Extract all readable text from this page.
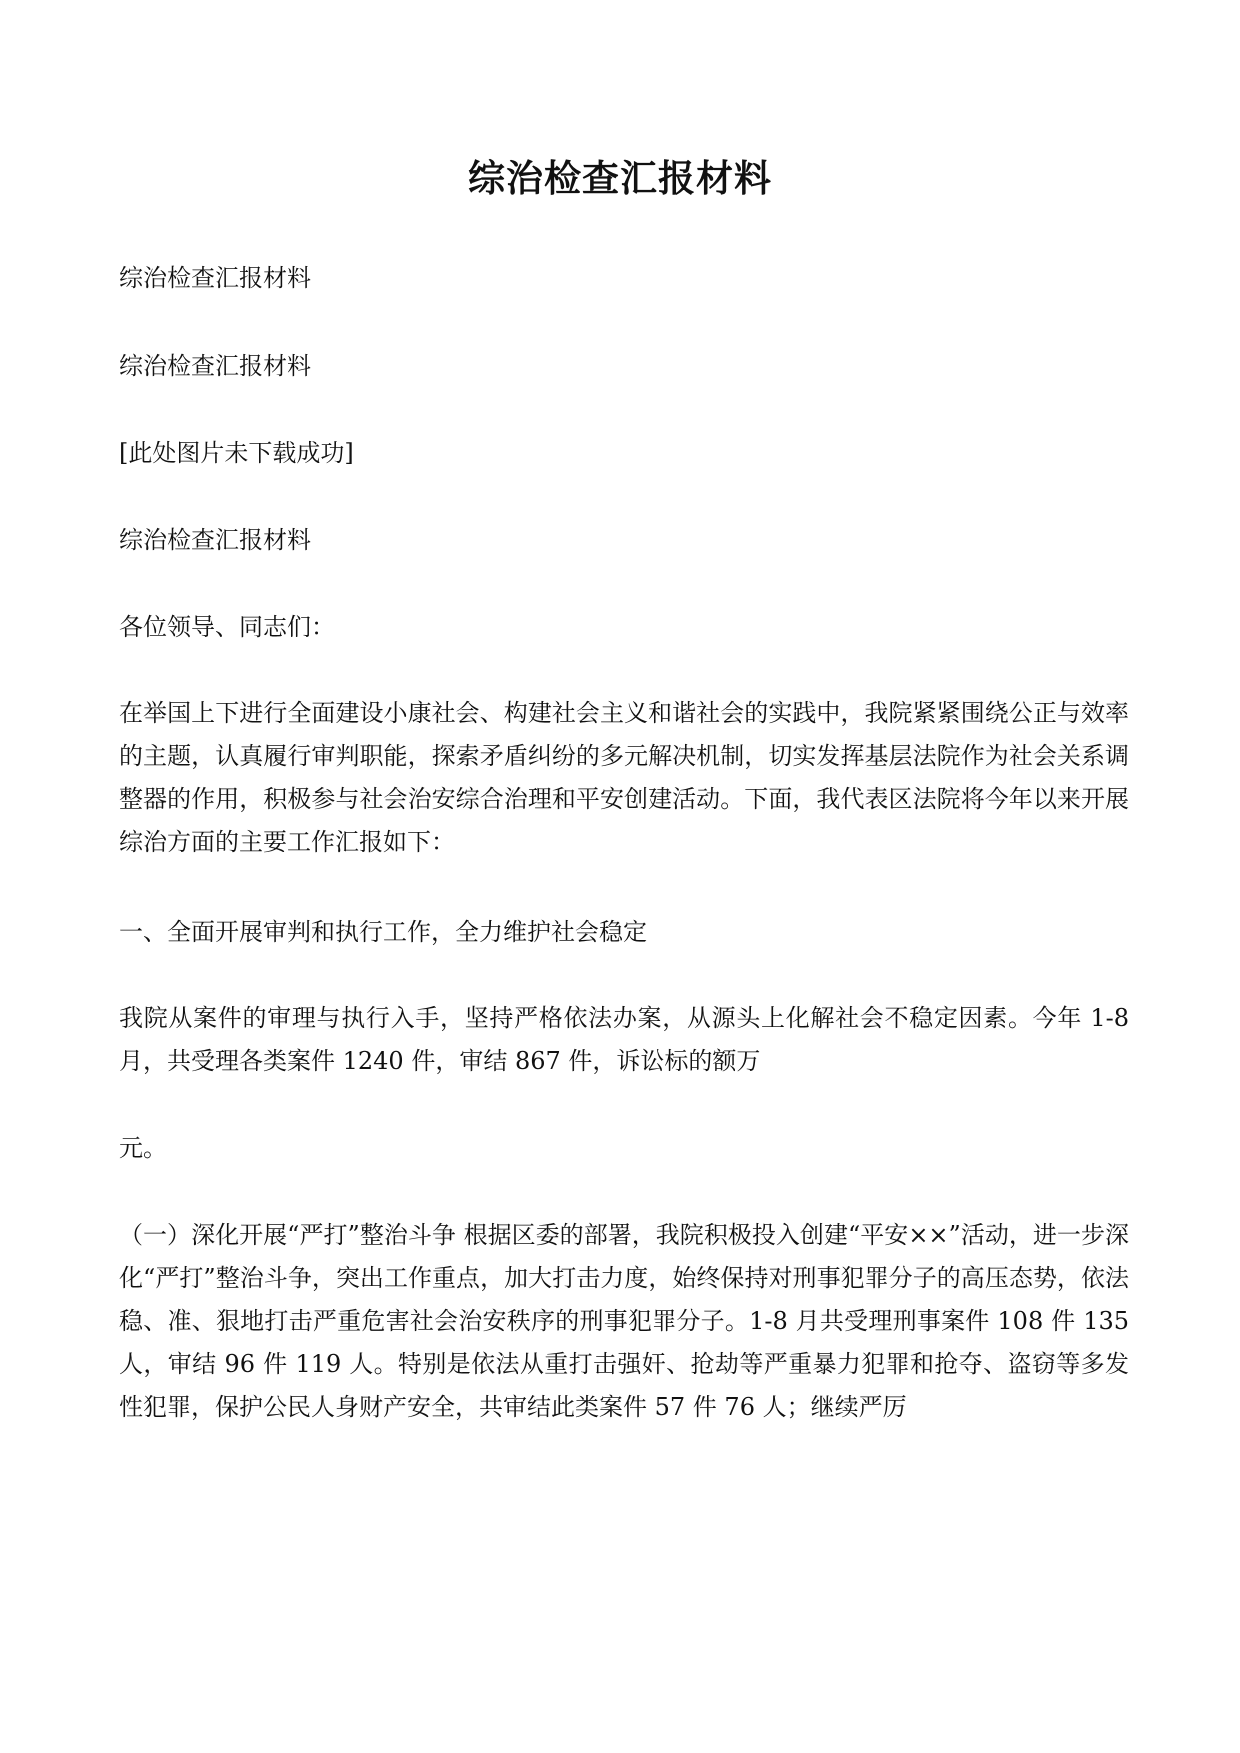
综治检查汇报材料

综治检查汇报材料

综治检查汇报材料

[此处图片未下载成功]

综治检查汇报材料

各位领导、同志们：

在举国上下进行全面建设小康社会、构建社会主义和谐社会的实践中，我院紧紧围绕公正与效率的主题，认真履行审判职能，探索矛盾纠纷的多元解决机制，切实发挥基层法院作为社会关系调整器的作用，积极参与社会治安综合治理和平安创建活动。下面，我代表区法院将今年以来开展综治方面的主要工作汇报如下：

一、全面开展审判和执行工作，全力维护社会稳定

我院从案件的审理与执行入手，坚持严格依法办案，从源头上化解社会不稳定因素。今年 1-8 月，共受理各类案件 1240 件，审结 867 件，诉讼标的额万

元。

（一）深化开展“严打”整治斗争 根据区委的部署，我院积极投入创建“平安××”活动，进一步深化“严打”整治斗争，突出工作重点，加大打击力度，始终保持对刑事犯罪分子的高压态势，依法稳、准、狠地打击严重危害社会治安秩序的刑事犯罪分子。1-8 月共受理刑事案件 108 件 135 人，审结 96 件 119 人。特别是依法从重打击强奸、抢劫等严重暴力犯罪和抢夺、盗窃等多发性犯罪，保护公民人身财产安全，共审结此类案件 57 件 76 人；继续严厉
